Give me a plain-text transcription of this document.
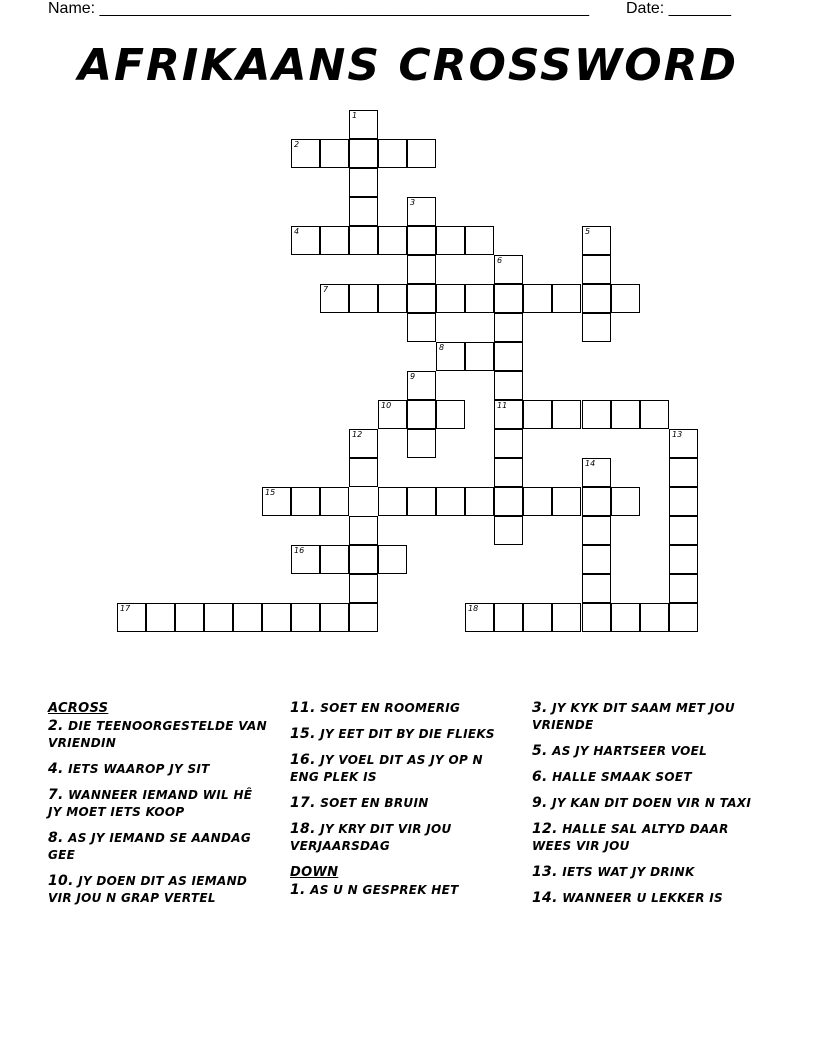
Name: _______________________________________________________ Date: _______
AFRIKAANS CROSSWORD
1
2
3
4	5
6
11
7
8
9
10
12	13
14
15
16
17	18
ACROSS
2. DIE TEENOORGESTELDE VAN VRIENDIN
4. IETS WAAROP JY SIT
7. WANNEER IEMAND WIL HÊ JY MOET IETS KOOP
8. AS JY IEMAND SE AANDAG GEE
10. JY DOEN DIT AS IEMAND VIR JOU N GRAP VERTEL
11. SOET EN ROOMERIG
15. JY EET DIT BY DIE FLIEKS
16. JY VOEL DIT AS JY OP N ENG PLEK IS
17. SOET EN BRUIN
18. JY KRY DIT VIR JOU VERJAARSDAG
DOWN
1. AS U N GESPREK HET
3. JY KYK DIT SAAM MET JOU VRIENDE
5. AS JY HARTSEER VOEL
6. HALLE SMAAK SOET
9. JY KAN DIT DOEN VIR N TAXI
12. HALLE SAL ALTYD DAAR WEES VIR JOU
13. IETS WAT JY DRINK
14. WANNEER U LEKKER IS
